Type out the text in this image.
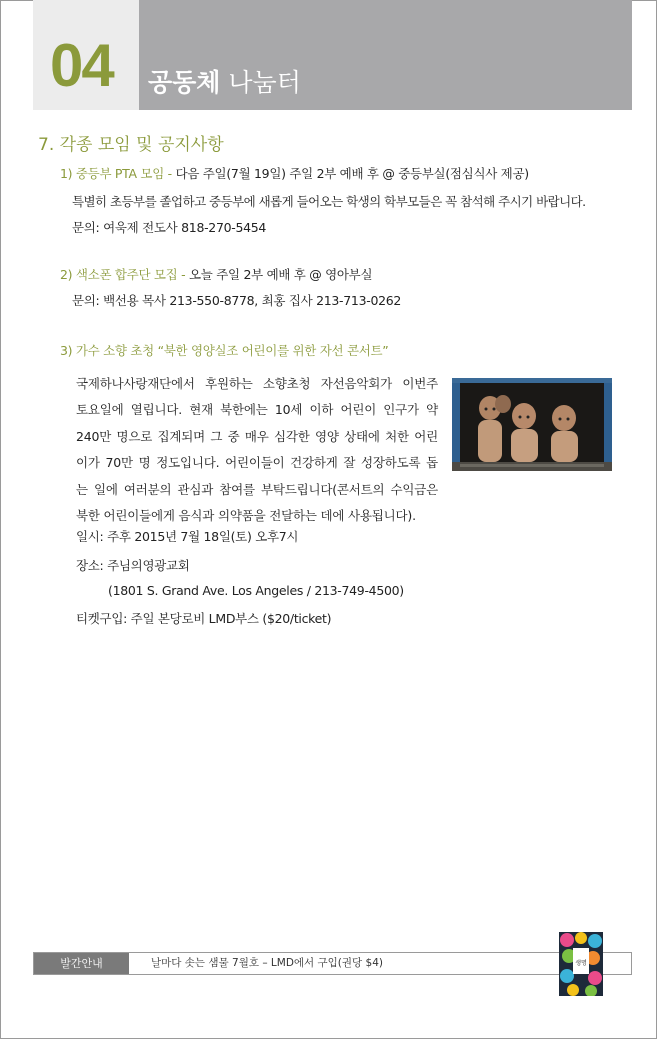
04 공동체 나눔터
7. 각종 모임 및 공지사항
1) 중등부 PTA 모임 - 다음 주일(7월 19일) 주일 2부 예배 후 @ 중등부실(점심식사 제공)
특별히 초등부를 졸업하고 중등부에 새롭게 들어오는 학생의 학부모들은 꼭 참석해 주시기 바랍니다.
문의: 여욱제 전도사 818-270-5454
2) 색소폰 합주단 모집 - 오늘 주일 2부 예배 후 @ 영아부실
문의: 백선용 목사 213-550-8778, 최홍 집사 213-713-0262
3) 가수 소향 초청 “북한 영양실조 어린이를 위한 자선 콘서트”
국제하나사랑재단에서 후원하는 소향초청 자선음악회가 이번주
토요일에 열립니다. 현재 북한에는 10세 이하 어린이 인구가 약
240만 명으로 집계되며 그 중 매우 심각한 영양 상태에 처한 어린
이가 70만 명 정도입니다. 어린이들이 건강하게 잘 성장하도록 돕
는 일에 여러분의 관심과 참여를 부탁드립니다(콘서트의 수익금은
북한 어린이들에게 음식과 의약품을 전달하는 데에 사용됩니다).
일시: 주후 2015년 7월 18일(토) 오후7시
장소: 주님의영광교회
(1801 S. Grand Ave. Los Angeles / 213-749-4500)
티켓구입: 주일 본당로비 LMD부스 ($20/ticket)
발간안내	날마다 솟는 샘물 7월호 – LMD에서 구입(권당 $4)	생명
